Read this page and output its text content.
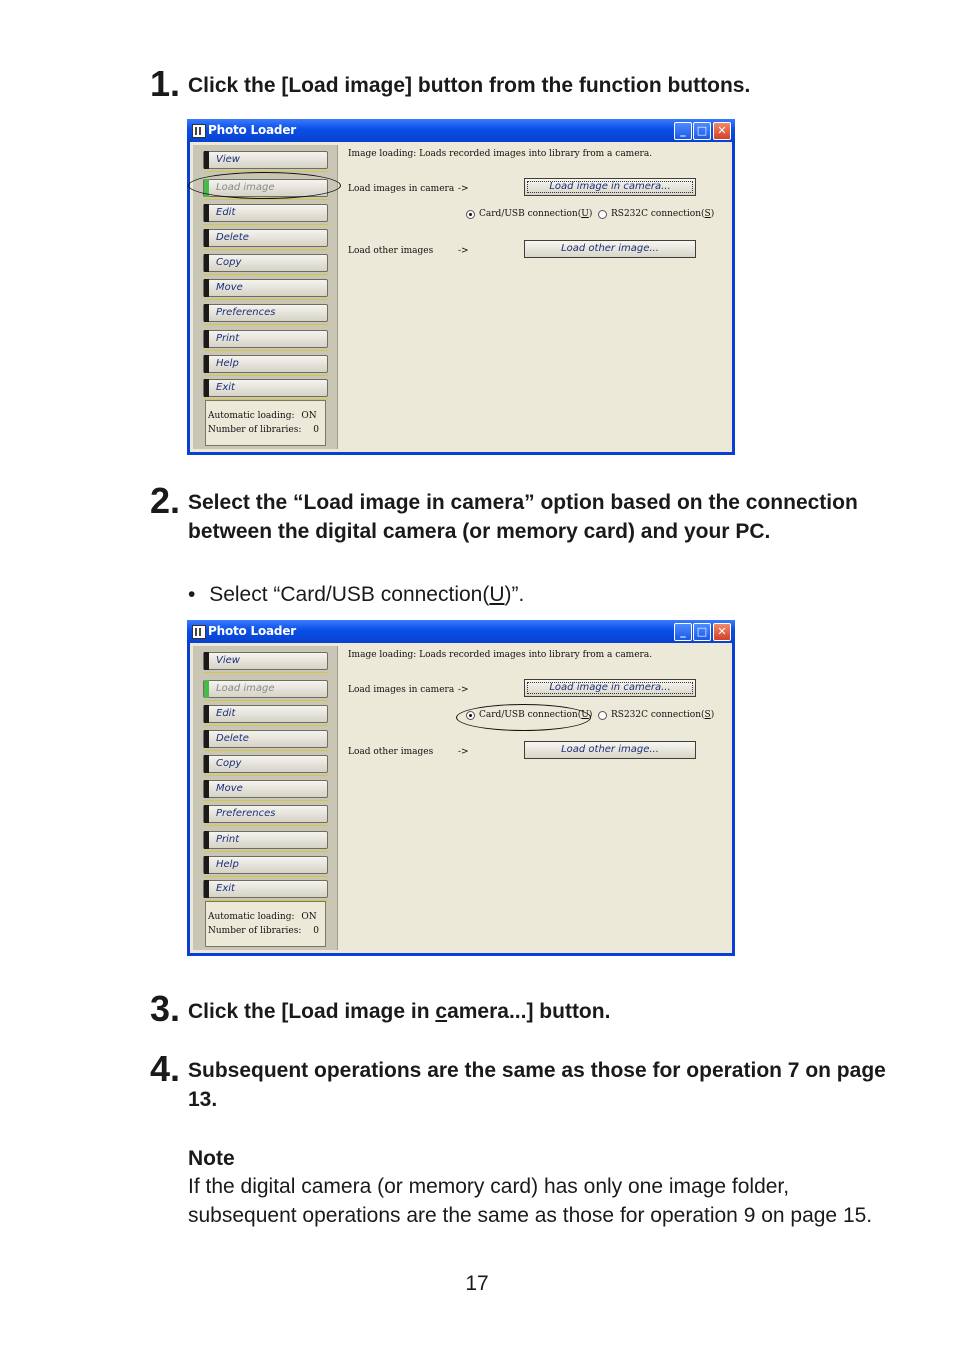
1. Click the [Load image] button from the function buttons.
Photo Loader	_	□ ✕
View
Load image
Edit
Delete
Copy
Move
Preferences
Print
Help
Exit
Automatic loading: ON
Number of libraries: 0
Image loading: Loads recorded images into library from a camera.
Load images in camera ->	Load image in camera...
Card/USB connection(U) RS232C connection(S)
Load other images	->	Load other image...
2. Select the “Load image in camera” option based on the connection between the digital camera (or memory card) and your PC.
• Select “Card/USB connection(U)”.
Photo Loader	_	□ ✕
View
Load image
Edit
Delete
Copy
Move
Preferences
Print
Help
Exit
Automatic loading: ON
Number of libraries: 0
Image loading: Loads recorded images into library from a camera.
Load images in camera ->	Load image in camera...
Card/USB connection(U) RS232C connection(S)
Load other images	->	Load other image...
3. Click the [Load image in camera...] button.
4. Subsequent operations are the same as those for operation 7 on page 13.
Note
If the digital camera (or memory card) has only one image folder, subsequent operations are the same as those for operation 9 on page 15.
17
